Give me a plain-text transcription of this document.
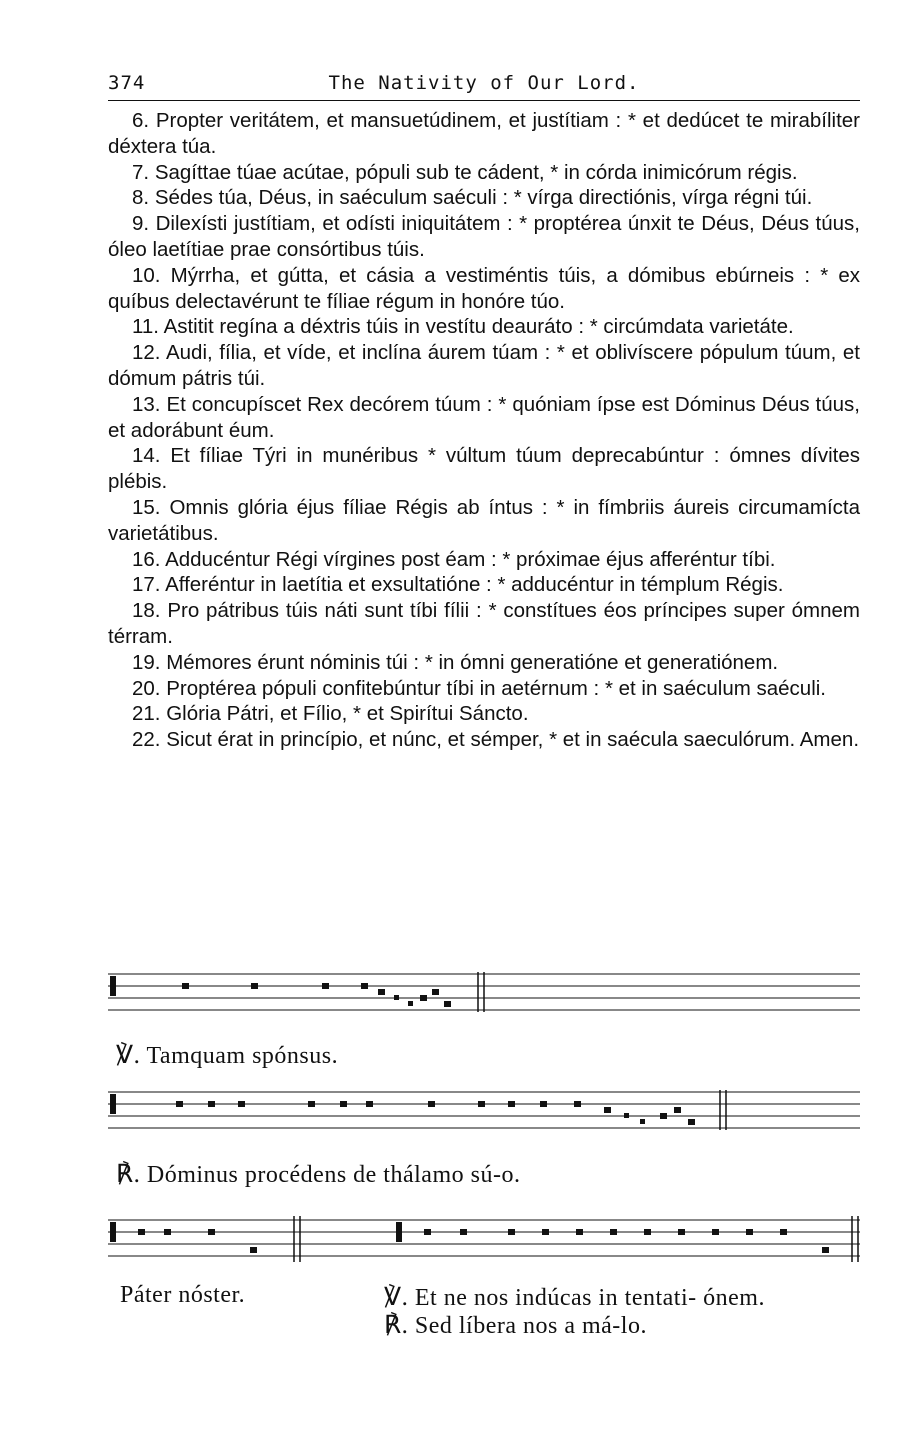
374	The Nativity of Our Lord.

6. Propter veritátem, et mansuetúdinem, et justítiam : * et dedúcet te mirabíliter déxtera túa.

7. Sagíttae túae acútae, pópuli sub te cádent, * in córda inimicórum régis.

8. Sédes túa, Déus, in saéculum saéculi : * vírga directiónis, vírga régni túi.

9. Dilexísti justítiam, et odísti iniquitátem : * proptérea únxit te Déus, Déus túus, óleo laetítiae prae consórtibus túis.

10. Mýrrha, et gútta, et cásia a vestiméntis túis, a dómibus ebúrneis : * ex quíbus delectavérunt te fíliae régum in honóre túo.

11. Astitit regína a déxtris túis in vestítu deauráto : * circúmdata varietáte.

12. Audi, fília, et víde, et inclína áurem túam : * et oblivíscere pópulum túum, et dómum pátris túi.

13. Et concupíscet Rex decórem túum : * quóniam ípse est Dóminus Déus túus, et adorábunt éum.

14. Et fíliae Týri in munéribus * vúltum túum deprecabúntur : ómnes dívites plébis.

15. Omnis glória éjus fíliae Régis ab íntus : * in fímbriis áureis circumamícta varietátibus.

16. Adducéntur Régi vírgines post éam : * próximae éjus afferéntur tíbi.

17. Afferéntur in laetítia et exsultatióne : * adducéntur in témplum Régis.

18. Pro pátribus túis náti sunt tíbi fílii : * constítues éos príncipes super ómnem térram.

19. Mémores érunt nóminis túi : * in ómni generatióne et generatiónem.

20. Proptérea pópuli confitebúntur tíbi in aetérnum : * et in saéculum saéculi.

21. Glória Pátri, et Fílio, * et Spirítui Sáncto.

22. Sicut érat in princípio, et núnc, et sémper, * et in saécula saeculórum. Amen.

℣. Tamquam spónsus.
℟. Dóminus procédens de thálamo sú-o.
Páter nóster.	℣. Et ne nos indúcas in tentati- ónem.
℟. Sed líbera nos a má-lo.
